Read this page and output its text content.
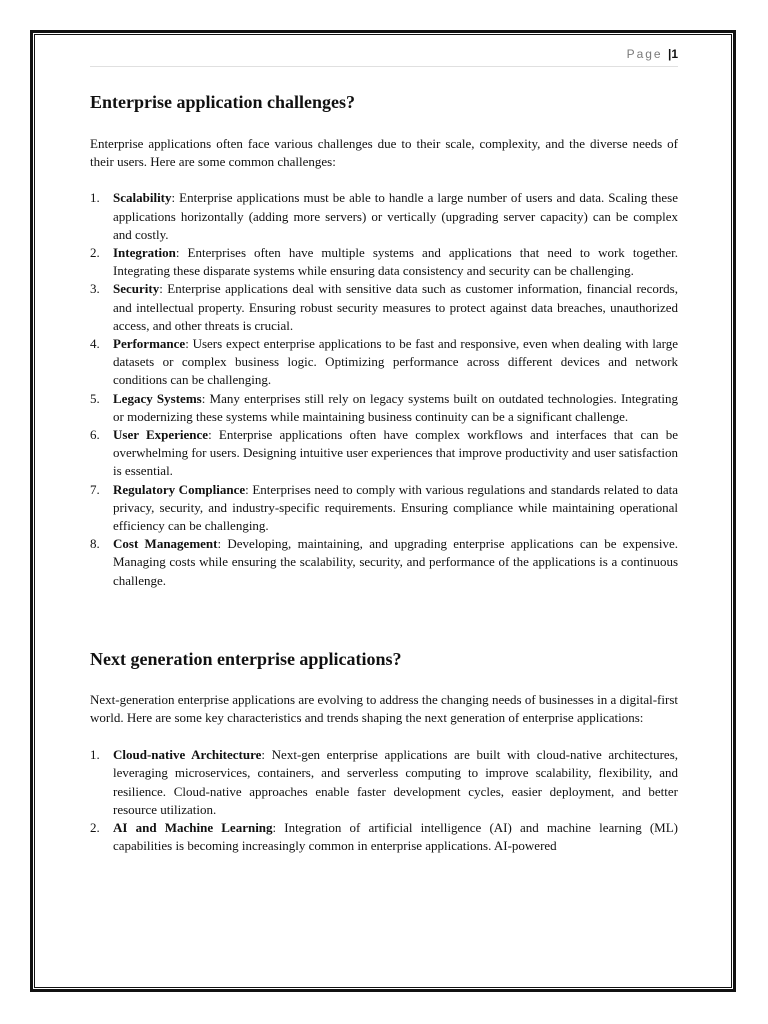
Page |1
Enterprise application challenges?

Enterprise applications often face various challenges due to their scale, complexity, and the diverse needs of their users. Here are some common challenges:

1. Scalability: Enterprise applications must be able to handle a large number of users and data. Scaling these applications horizontally (adding more servers) or vertically (upgrading server capacity) can be complex and costly.
2. Integration: Enterprises often have multiple systems and applications that need to work together. Integrating these disparate systems while ensuring data consistency and security can be challenging.
3. Security: Enterprise applications deal with sensitive data such as customer information, financial records, and intellectual property. Ensuring robust security measures to protect against data breaches, unauthorized access, and other threats is crucial.
4. Performance: Users expect enterprise applications to be fast and responsive, even when dealing with large datasets or complex business logic. Optimizing performance across different devices and network conditions can be challenging.
5. Legacy Systems: Many enterprises still rely on legacy systems built on outdated technologies. Integrating or modernizing these systems while maintaining business continuity can be a significant challenge.
6. User Experience: Enterprise applications often have complex workflows and interfaces that can be overwhelming for users. Designing intuitive user experiences that improve productivity and user satisfaction is essential.
7. Regulatory Compliance: Enterprises need to comply with various regulations and standards related to data privacy, security, and industry-specific requirements. Ensuring compliance while maintaining operational efficiency can be challenging.
8. Cost Management: Developing, maintaining, and upgrading enterprise applications can be expensive. Managing costs while ensuring the scalability, security, and performance of the applications is a continuous challenge.
Next generation enterprise applications?

Next-generation enterprise applications are evolving to address the changing needs of businesses in a digital-first world. Here are some key characteristics and trends shaping the next generation of enterprise applications:

1. Cloud-native Architecture: Next-gen enterprise applications are built with cloud-native architectures, leveraging microservices, containers, and serverless computing to improve scalability, flexibility, and resilience. Cloud-native approaches enable faster development cycles, easier deployment, and better resource utilization.
2. AI and Machine Learning: Integration of artificial intelligence (AI) and machine learning (ML) capabilities is becoming increasingly common in enterprise applications. AI-powered
